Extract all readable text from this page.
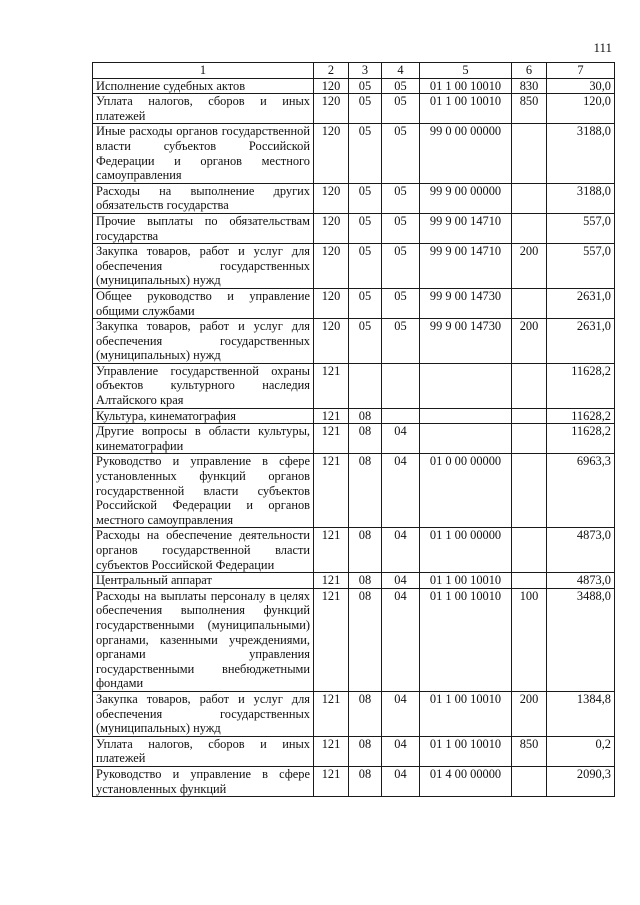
111
1	2	3	4	5	6	7
Исполнение судебных актов	120	05	05	01 1 00 10010	830	30,0
Уплата налогов, сборов и иных платежей	120	05	05	01 1 00 10010	850	120,0
Иные расходы органов государственной власти субъектов Российской Федерации и органов местного самоуправления	120	05	05	99 0 00 00000		3188,0
Расходы на выполнение других обязательств государства	120	05	05	99 9 00 00000		3188,0
Прочие выплаты по обязательствам государства	120	05	05	99 9 00 14710		557,0
Закупка товаров, работ и услуг для обеспечения государственных (муниципальных) нужд	120	05	05	99 9 00 14710	200	557,0
Общее руководство и управление общими службами	120	05	05	99 9 00 14730		2631,0
Закупка товаров, работ и услуг для обеспечения государственных (муниципальных) нужд	120	05	05	99 9 00 14730	200	2631,0
Управление государственной охраны объектов культурного наследия Алтайского края	121					11628,2
Культура, кинематография	121	08				11628,2
Другие вопросы в области культуры, кинематографии	121	08	04			11628,2
Руководство и управление в сфере установленных функций органов государственной власти субъектов Российской Федерации и органов местного самоуправления	121	08	04	01 0 00 00000		6963,3
Расходы на обеспечение деятельности органов государственной власти субъектов Российской Федерации	121	08	04	01 1 00 00000		4873,0
Центральный аппарат	121	08	04	01 1 00 10010		4873,0
Расходы на выплаты персоналу в целях обеспечения выполнения функций государственными (муниципальными) органами, казенными учреждениями, органами управления государственными внебюджетными фондами	121	08	04	01 1 00 10010	100	3488,0
Закупка товаров, работ и услуг для обеспечения государственных (муниципальных) нужд	121	08	04	01 1 00 10010	200	1384,8
Уплата налогов, сборов и иных платежей	121	08	04	01 1 00 10010	850	0,2
Руководство и управление в сфере установленных функций	121	08	04	01 4 00 00000		2090,3
